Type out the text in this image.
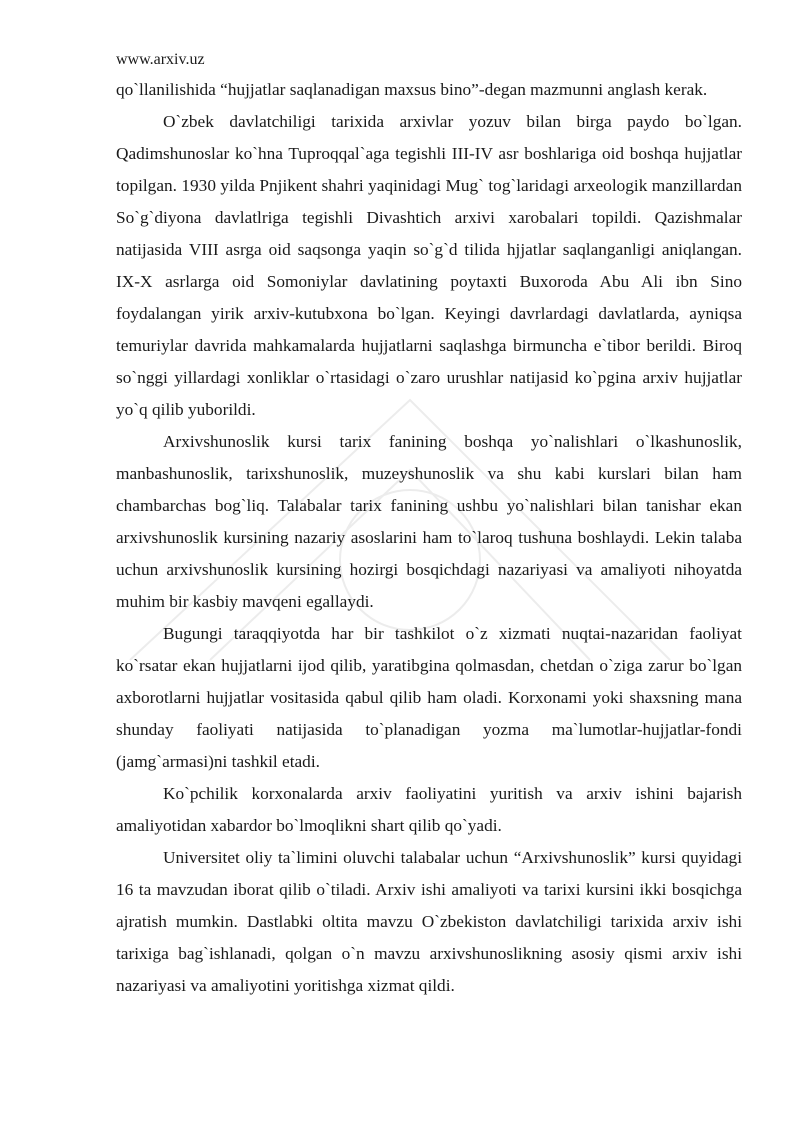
www.arxiv.uz

qo`llanilishida “hujjatlar saqlanadigan maxsus bino”-degan mazmunni anglash kerak.

O`zbek davlatchiligi tarixida arxivlar yozuv bilan birga paydo bo`lgan. Qadimshunoslar ko`hna Tuproqqal`aga tegishli III-IV asr boshlariga oid boshqa hujjatlar topilgan. 1930 yilda Pnjikent shahri yaqinidagi Mug` tog`laridagi arxeologik manzillardan So`g`diyona davlatlriga tegishli Divashtich arxivi xarobalari topildi. Qazishmalar natijasida VIII asrga oid saqsonga yaqin so`g`d tilida hjjatlar saqlanganligi aniqlangan. IX-X asrlarga oid Somoniylar davlatining poytaxti Buxoroda Abu Ali ibn Sino foydalangan yirik arxiv-kutubxona bo`lgan. Keyingi davrlardagi davlatlarda, ayniqsa temuriylar davrida mahkamalarda hujjatlarni saqlashga birmuncha e`tibor berildi. Biroq so`nggi yillardagi xonliklar o`rtasidagi o`zaro urushlar natijasid ko`pgina arxiv hujjatlar yo`q qilib yuborildi.

Arxivshunoslik kursi tarix fanining boshqa yo`nalishlari o`lkashunoslik, manbashunoslik, tarixshunoslik, muzeyshunoslik va shu kabi kurslari bilan ham chambarchas bog`liq. Talabalar tarix fanining ushbu yo`nalishlari bilan tanishar ekan arxivshunoslik kursining nazariy asoslarini ham to`laroq tushuna boshlaydi. Lekin talaba uchun arxivshunoslik kursining hozirgi bosqichdagi nazariyasi va amaliyoti nihoyatda muhim bir kasbiy mavqeni egallaydi.

Bugungi taraqqiyotda har bir tashkilot o`z xizmati nuqtai-nazaridan faoliyat ko`rsatar ekan hujjatlarni ijod qilib, yaratibgina qolmasdan, chetdan o`ziga zarur bo`lgan axborotlarni hujjatlar vositasida qabul qilib ham oladi. Korxonami yoki shaxsning mana shunday faoliyati natijasida to`planadigan yozma ma`lumotlar-hujjatlar-fondi (jamg`armasi)ni tashkil etadi.

Ko`pchilik korxonalarda arxiv faoliyatini yuritish va arxiv ishini bajarish amaliyotidan xabardor bo`lmoqlikni shart qilib qo`yadi.

Universitet oliy ta`limini oluvchi talabalar uchun “Arxivshunoslik” kursi quyidagi 16 ta mavzudan iborat qilib o`tiladi. Arxiv ishi amaliyoti va tarixi kursini ikki bosqichga ajratish mumkin. Dastlabki oltita mavzu O`zbekiston davlatchiligi tarixida arxiv ishi tarixiga bag`ishlanadi, qolgan o`n mavzu arxivshunoslikning asosiy qismi arxiv ishi nazariyasi va amaliyotini yoritishga xizmat qildi.
